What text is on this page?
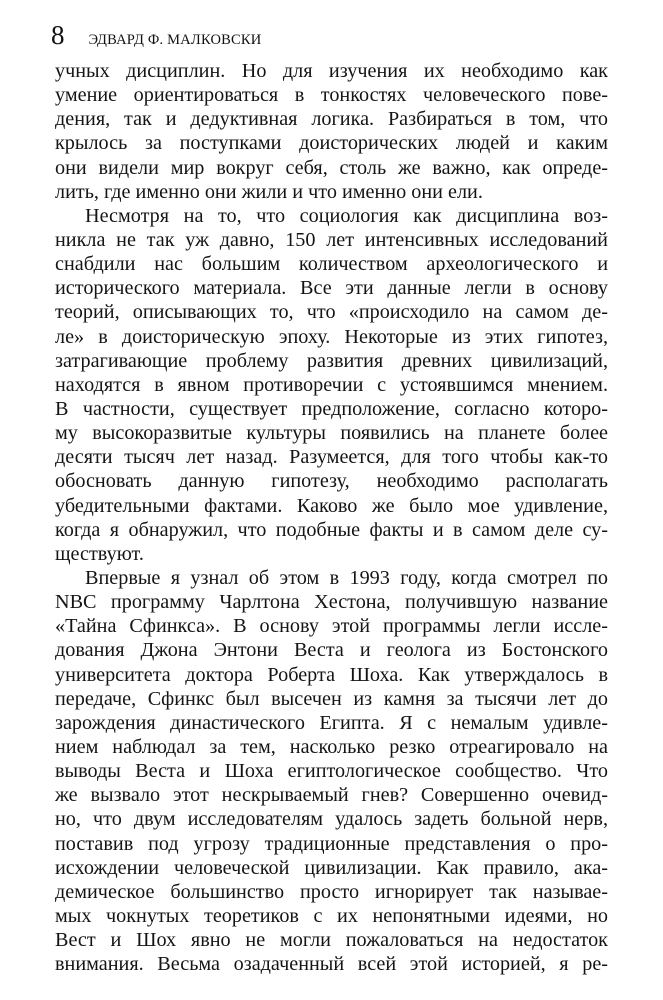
8 ЭДВАРД Ф. МАЛКОВСКИ
учных дисциплин. Но для изучения их необходимо как
умение ориентироваться в тонкостях человеческого пове-
дения, так и дедуктивная логика. Разбираться в том, что
крылось за поступками доисторических людей и каким
они видели мир вокруг себя, столь же важно, как опреде-
лить, где именно они жили и что именно они ели.
Несмотря на то, что социология как дисциплина воз-
никла не так уж давно, 150 лет интенсивных исследований
снабдили нас большим количеством археологического и
исторического материала. Все эти данные легли в основу
теорий, описывающих то, что «происходило на самом де-
ле» в доисторическую эпоху. Некоторые из этих гипотез,
затрагивающие проблему развития древних цивилизаций,
находятся в явном противоречии с устоявшимся мнением.
В частности, существует предположение, согласно которо-
му высокоразвитые культуры появились на планете более
десяти тысяч лет назад. Разумеется, для того чтобы как-то
обосновать данную гипотезу, необходимо располагать
убедительными фактами. Каково же было мое удивление,
когда я обнаружил, что подобные факты и в самом деле су-
ществуют.
Впервые я узнал об этом в 1993 году, когда смотрел по
NBC программу Чарлтона Хестона, получившую название
«Тайна Сфинкса». В основу этой программы легли иссле-
дования Джона Энтони Веста и геолога из Бостонского
университета доктора Роберта Шоха. Как утверждалось в
передаче, Сфинкс был высечен из камня за тысячи лет до
зарождения династического Египта. Я с немалым удивле-
нием наблюдал за тем, насколько резко отреагировало на
выводы Веста и Шоха египтологическое сообщество. Что
же вызвало этот нескрываемый гнев? Совершенно очевид-
но, что двум исследователям удалось задеть больной нерв,
поставив под угрозу традиционные представления о про-
исхождении человеческой цивилизации. Как правило, ака-
демическое большинство просто игнорирует так называе-
мых чокнутых теоретиков с их непонятными идеями, но
Вест и Шох явно не могли пожаловаться на недостаток
внимания. Весьма озадаченный всей этой историей, я ре-
